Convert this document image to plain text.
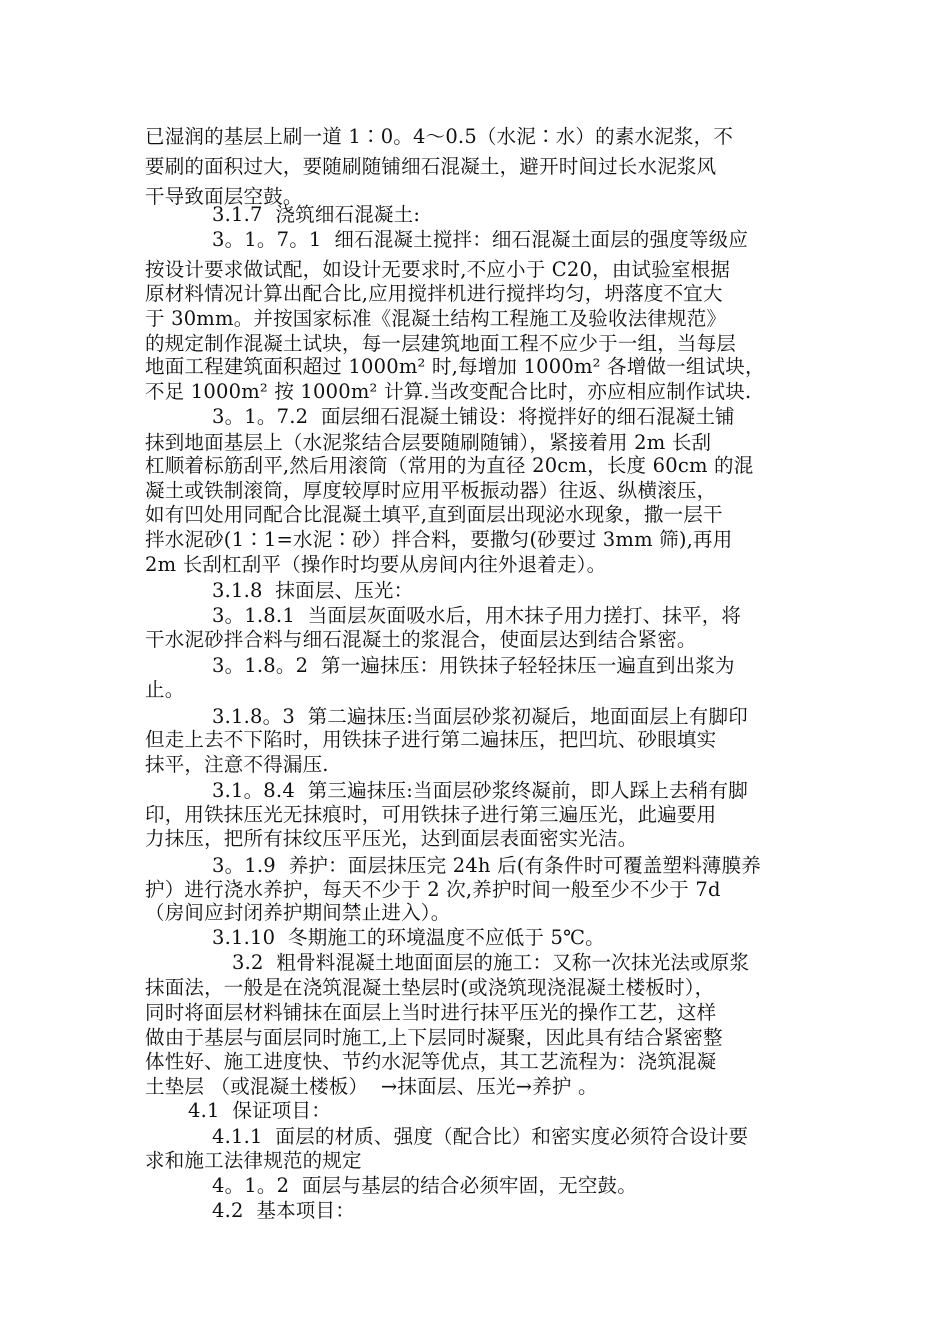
已湿润的基层上刷一道 1∶0。4～0.5（水泥∶水）的素水泥浆，不
要刷的面积过大，要随刷随铺细石混凝土，避开时间过长水泥浆风
干导致面层空鼓。
3.1.7  浇筑细石混凝土:
3。1。7。1  细石混凝土搅拌：细石混凝土面层的强度等级应
按设计要求做试配，如设计无要求时,不应小于 C20，由试验室根据
原材料情况计算出配合比,应用搅拌机进行搅拌均匀，坍落度不宜大
于 30mm。并按国家标准《混凝土结构工程施工及验收法律规范》
的规定制作混凝土试块，每一层建筑地面工程不应少于一组，当每层
地面工程建筑面积超过 1000m² 时,每增加 1000m² 各增做一组试块，
不足 1000m² 按 1000m² 计算.当改变配合比时，亦应相应制作试块.
3。1。7.2  面层细石混凝土铺设：将搅拌好的细石混凝土铺
抹到地面基层上（水泥浆结合层要随刷随铺），紧接着用 2m 长刮
杠顺着标筋刮平,然后用滚筒（常用的为直径 20cm，长度 60cm 的混
凝土或铁制滚筒，厚度较厚时应用平板振动器）往返、纵横滚压，
如有凹处用同配合比混凝土填平,直到面层出现泌水现象，撒一层干
拌水泥砂(1∶1=水泥∶砂）拌合料，要撒匀(砂要过 3mm 筛),再用
2m 长刮杠刮平（操作时均要从房间内往外退着走）。
3.1.8  抹面层、压光：
3。1.8.1  当面层灰面吸水后，用木抹子用力搓打、抹平，将
干水泥砂拌合料与细石混凝土的浆混合，使面层达到结合紧密。
3。1.8。2  第一遍抹压：用铁抹子轻轻抹压一遍直到出浆为
止。
3.1.8。3  第二遍抹压:当面层砂浆初凝后，地面面层上有脚印
但走上去不下陷时，用铁抹子进行第二遍抹压，把凹坑、砂眼填实
抹平，注意不得漏压.
3.1。8.4  第三遍抹压:当面层砂浆终凝前，即人踩上去稍有脚
印，用铁抹压光无抹痕时，可用铁抹子进行第三遍压光，此遍要用
力抹压，把所有抹纹压平压光，达到面层表面密实光洁。
3。1.9  养护：面层抹压完 24h 后(有条件时可覆盖塑料薄膜养
护）进行浇水养护，每天不少于 2 次,养护时间一般至少不少于 7d
（房间应封闭养护期间禁止进入）。
3.1.10  冬期施工的环境温度不应低于 5℃。
3.2  粗骨料混凝土地面面层的施工：又称一次抹光法或原浆
抹面法，一般是在浇筑混凝土垫层时(或浇筑现浇混凝土楼板时），
同时将面层材料铺抹在面层上当时进行抹平压光的操作工艺，这样
做由于基层与面层同时施工,上下层同时凝聚，因此具有结合紧密整
体性好、施工进度快、节约水泥等优点，其工艺流程为：浇筑混凝
土垫层 （或混凝土楼板）  →抹面层、压光→养护 。
4.1  保证项目：
4.1.1  面层的材质、强度（配合比）和密实度必须符合设计要
求和施工法律规范的规定
4。1。2  面层与基层的结合必须牢固，无空鼓。
4.2  基本项目：
